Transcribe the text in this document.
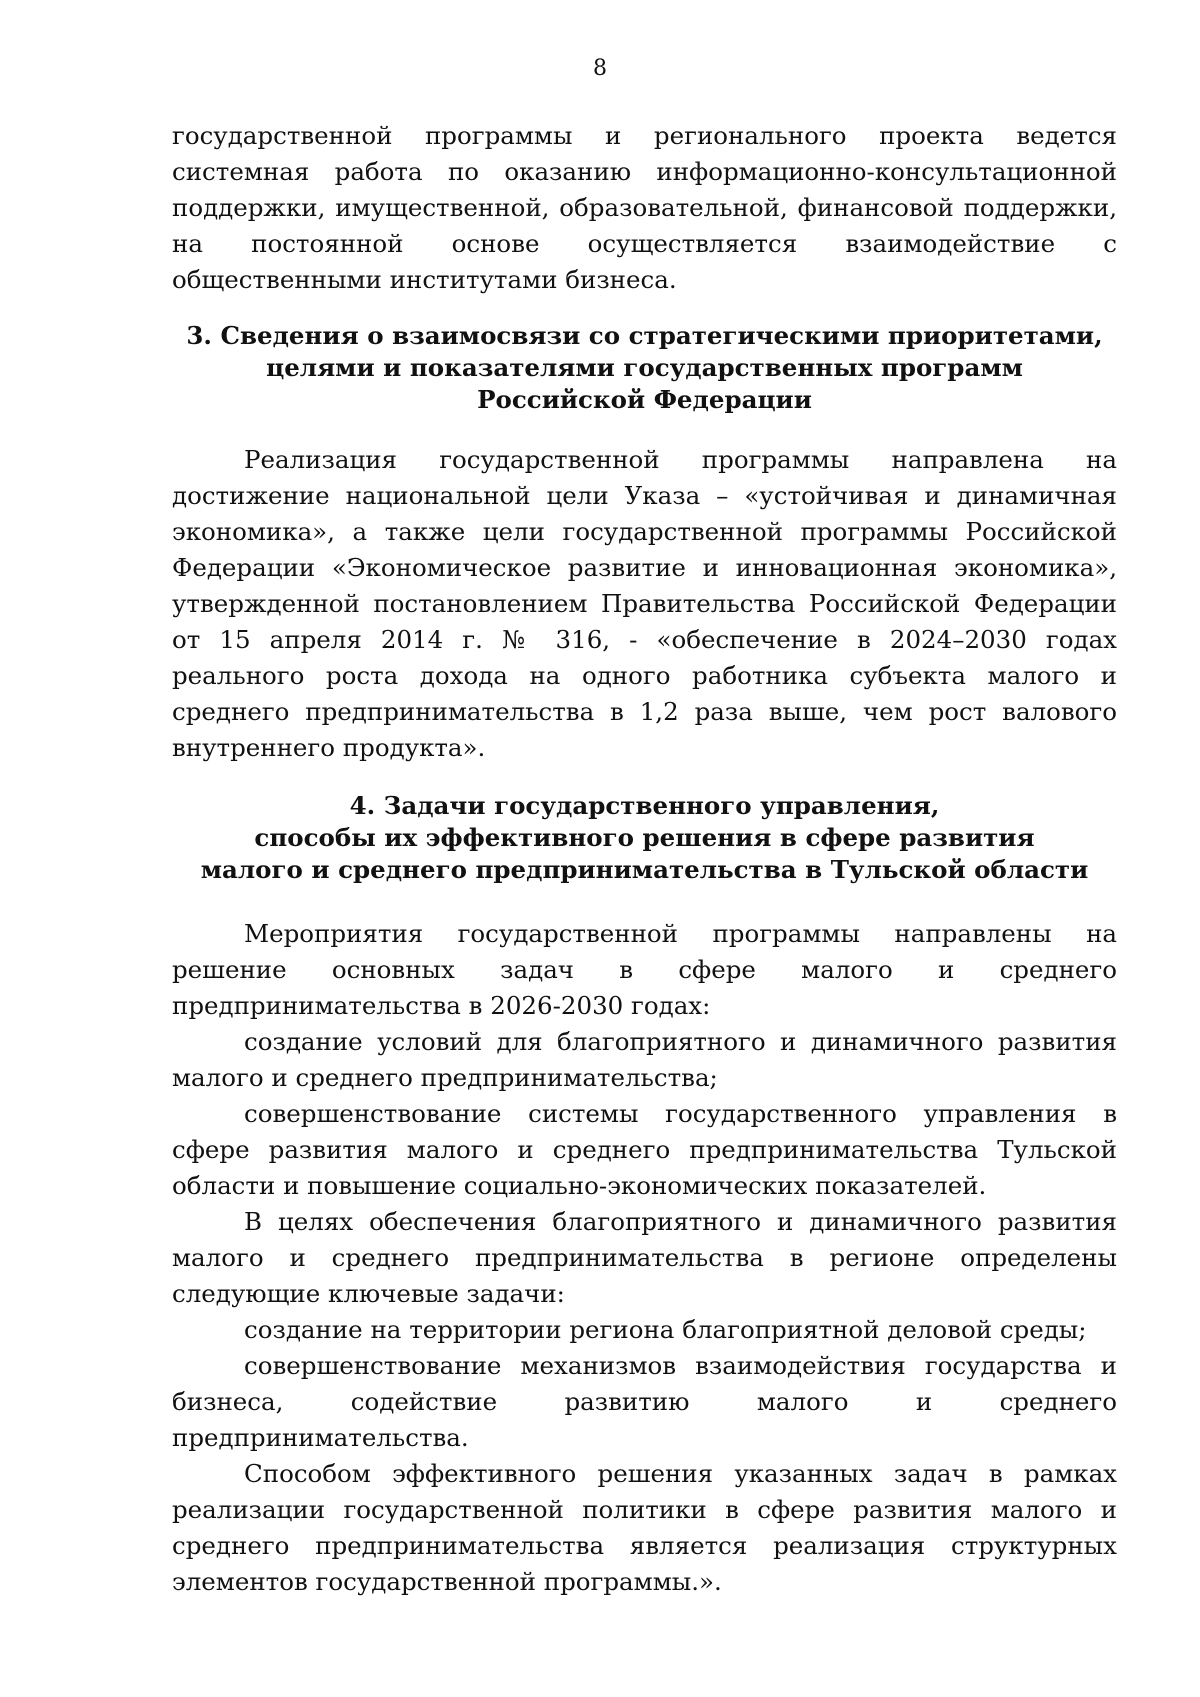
8

государственной программы и регионального проекта ведется системная работа по оказанию информационно-консультационной поддержки, имущественной, образовательной, финансовой поддержки, на постоянной основе осуществляется взаимодействие с общественными институтами бизнеса.

3. Сведения о взаимосвязи со стратегическими приоритетами,
целями и показателями государственных программ
Российской Федерации

Реализация государственной программы направлена на достижение национальной цели Указа – «устойчивая и динамичная экономика», а также цели государственной программы Российской Федерации «Экономическое развитие и инновационная экономика», утвержденной постановлением Правительства Российской Федерации от 15 апреля 2014 г. № 316, - «обеспечение в 2024–2030 годах реального роста дохода на одного работника субъекта малого и среднего предпринимательства в 1,2 раза выше, чем рост валового внутреннего продукта».

4. Задачи государственного управления,
способы их эффективного решения в сфере развития
малого и среднего предпринимательства в Тульской области

Мероприятия государственной программы направлены на решение основных задач в сфере малого и среднего предпринимательства в 2026-2030 годах:

создание условий для благоприятного и динамичного развития малого и среднего предпринимательства;

совершенствование системы государственного управления в сфере развития малого и среднего предпринимательства Тульской области и повышение социально-экономических показателей.

В целях обеспечения благоприятного и динамичного развития малого и среднего предпринимательства в регионе определены следующие ключевые задачи:

создание на территории региона благоприятной деловой среды;

совершенствование механизмов взаимодействия государства и бизнеса, содействие развитию малого и среднего предпринимательства.

Способом эффективного решения указанных задач в рамках реализации государственной политики в сфере развития малого и среднего предпринимательства является реализация структурных элементов государственной программы.».
